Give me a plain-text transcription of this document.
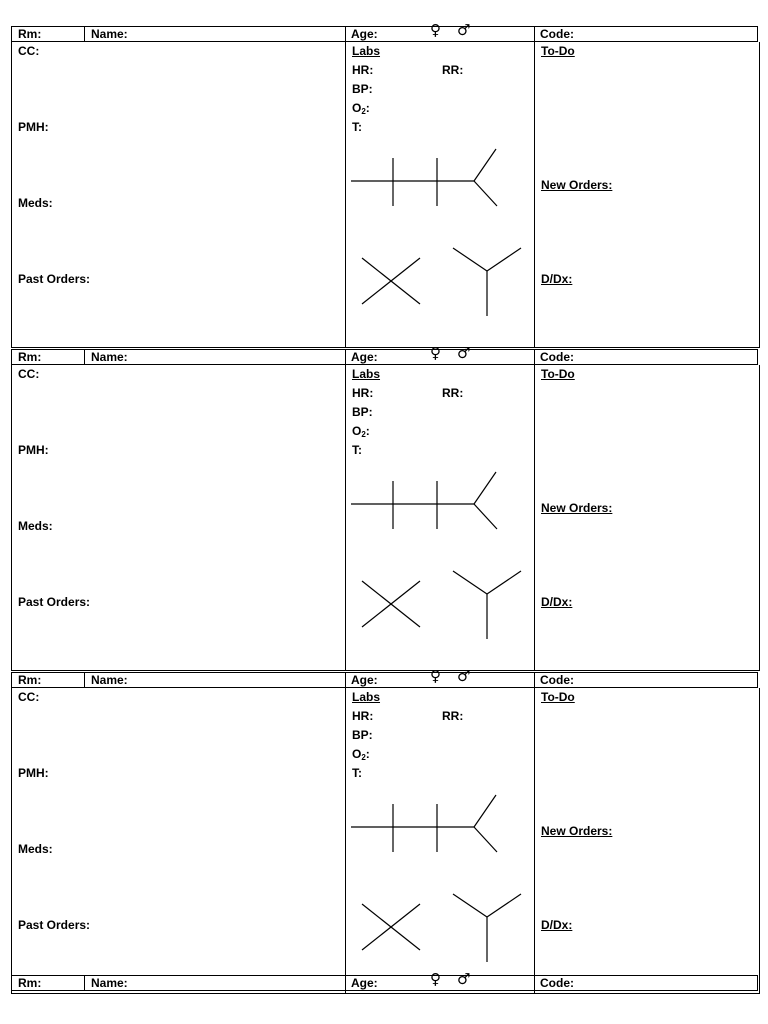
Rm:	Name:	Age:	♀ ♂	Code:
CC:
PMH:
Meds:
Past Orders:
Labs
HR:	RR:
BP:
O2:
T:
To-Do
New Orders:
D/Dx:
Rm:	Name:	Age:	♀ ♂	Code:
CC:
PMH:
Meds:
Past Orders:
Labs
HR:	RR:
BP:
O2:
T:
To-Do
New Orders:
D/Dx:
Rm:	Name:	Age:	♀ ♂	Code:
CC:
PMH:
Meds:
Past Orders:
Labs
HR:	RR:
BP:
O2:
T:
To-Do
New Orders:
D/Dx:
Rm:	Name:	Age:	♀ ♂	Code:
